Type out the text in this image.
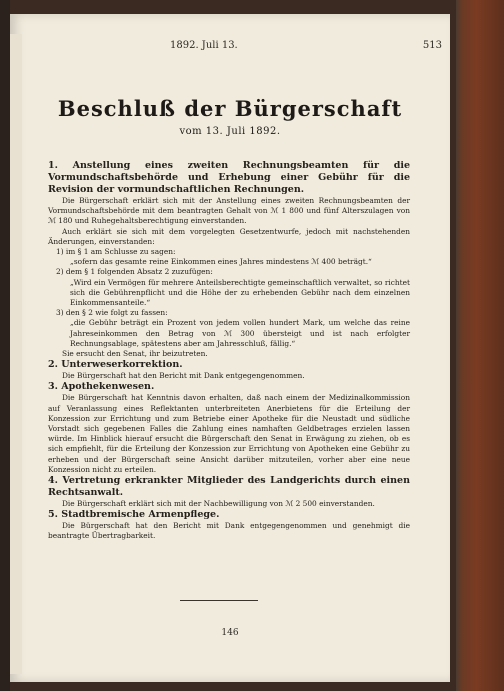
1892. Juli 13.	513
Beschluß der Bürgerschaft
vom 13. Juli 1892.

1. Anstellung eines zweiten Rechnungsbeamten für die Vormundschaftsbehörde und Erhebung einer Gebühr für die Revision der vormundschaftlichen Rechnungen.

Die Bürgerschaft erklärt sich mit der Anstellung eines zweiten Rechnungsbeamten der Vormundschaftsbehörde mit dem beantragten Gehalt von ℳ 1 800 und fünf Alterszulagen von ℳ 180 und Ruhegehaltsberechtigung einverstanden.

Auch erklärt sie sich mit dem vorgelegten Gesetzentwurfe, jedoch mit nachstehenden Änderungen, einverstanden:

1) im § 1 am Schlusse zu sagen:

„sofern das gesamte reine Einkommen eines Jahres mindestens ℳ 400 beträgt.“

2) dem § 1 folgenden Absatz 2 zuzufügen:

„Wird ein Vermögen für mehrere Anteilsberechtigte gemeinschaftlich verwaltet, so richtet sich die Gebührenpflicht und die Höhe der zu erhebenden Gebühr nach dem einzelnen Einkommensanteile.“

3) den § 2 wie folgt zu fassen:

„die Gebühr beträgt ein Prozent von jedem vollen hundert Mark, um welche das reine Jahreseinkommen den Betrag von ℳ 300 übersteigt und ist nach erfolgter Rechnungsablage, spätestens aber am Jahresschluß, fällig.“

Sie ersucht den Senat, ihr beizutreten.

2. Unterweserkorrektion.

Die Bürgerschaft hat den Bericht mit Dank entgegengenommen.

3. Apothekenwesen.

Die Bürgerschaft hat Kenntnis davon erhalten, daß nach einem der Medizinalkommission auf Veranlassung eines Reflektanten unterbreiteten Anerbietens für die Erteilung der Konzession zur Errichtung und zum Betriebe einer Apotheke für die Neustadt und südliche Vorstadt sich gegebenen Falles die Zahlung eines namhaften Geldbetrages erzielen lassen würde. Im Hinblick hierauf ersucht die Bürgerschaft den Senat in Erwägung zu ziehen, ob es sich empfiehlt, für die Erteilung der Konzession zur Errichtung von Apotheken eine Gebühr zu erheben und der Bürgerschaft seine Ansicht darüber mitzuteilen, vorher aber eine neue Konzession nicht zu erteilen.

4. Vertretung erkrankter Mitglieder des Landgerichts durch einen Rechtsanwalt.

Die Bürgerschaft erklärt sich mit der Nachbewilligung von ℳ 2 500 einverstanden.

5. Stadtbremische Armenpflege.

Die Bürgerschaft hat den Bericht mit Dank entgegengenommen und genehmigt die beantragte Übertragbarkeit.

146
